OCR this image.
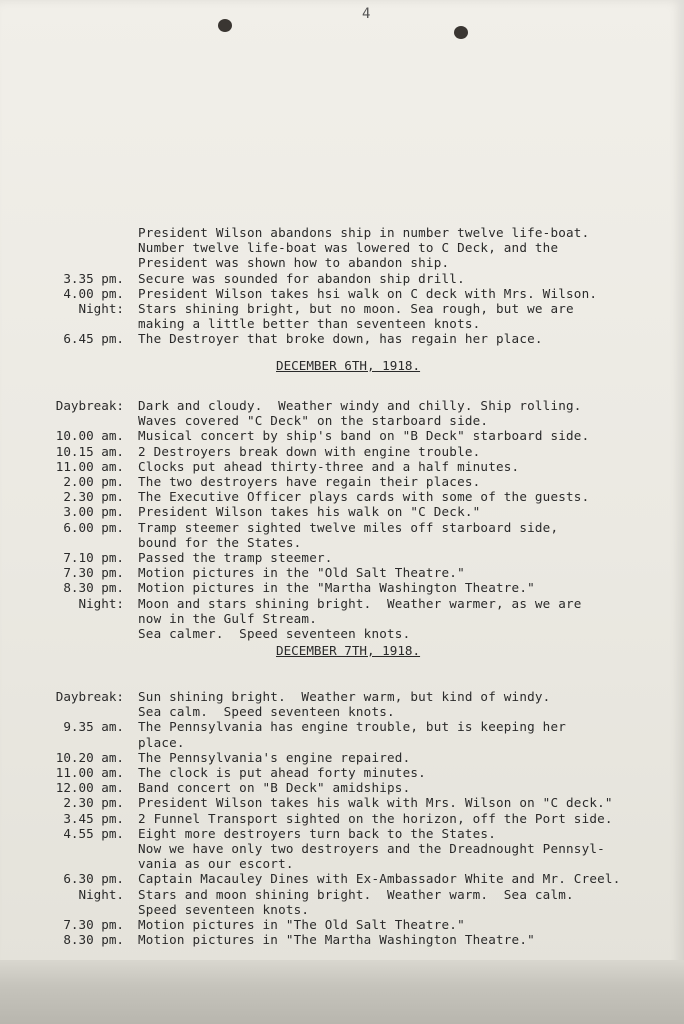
4
President Wilson abandons ship in number twelve life-boat.
Number twelve life-boat was lowered to C Deck, and the
President was shown how to abandon ship.
3.35 pm. Secure was sounded for abandon ship drill.
4.00 pm. President Wilson takes hsi walk on C deck with Mrs. Wilson.
Night: Stars shining bright, but no moon. Sea rough, but we are
making a little better than seventeen knots.
6.45 pm. The Destroyer that broke down, has regain her place.
DECEMBER 6TH, 1918.
Daybreak: Dark and cloudy.  Weather windy and chilly. Ship rolling.
Waves covered "C Deck" on the starboard side.
10.00 am. Musical concert by ship's band on "B Deck" starboard side.
10.15 am. 2 Destroyers break down with engine trouble.
11.00 am. Clocks put ahead thirty-three and a half minutes.
2.00 pm. The two destroyers have regain their places.
2.30 pm. The Executive Officer plays cards with some of the guests.
3.00 pm. President Wilson takes his walk on "C Deck."
6.00 pm. Tramp steemer sighted twelve miles off starboard side,
bound for the States.
7.10 pm. Passed the tramp steemer.
7.30 pm. Motion pictures in the "Old Salt Theatre."
8.30 pm. Motion pictures in the "Martha Washington Theatre."
Night: Moon and stars shining bright.  Weather warmer, as we are
now in the Gulf Stream.
Sea calmer.  Speed seventeen knots.
DECEMBER 7TH, 1918.
Daybreak: Sun shining bright.  Weather warm, but kind of windy.
Sea calm.  Speed seventeen knots.
9.35 am. The Pennsylvania has engine trouble, but is keeping her
place.
10.20 am. The Pennsylvania's engine repaired.
11.00 am. The clock is put ahead forty minutes.
12.00 am. Band concert on "B Deck" amidships.
2.30 pm. President Wilson takes his walk with Mrs. Wilson on "C deck."
3.45 pm. 2 Funnel Transport sighted on the horizon, off the Port side.
4.55 pm. Eight more destroyers turn back to the States.
Now we have only two destroyers and the Dreadnought Pennsyl-
vania as our escort.
6.30 pm. Captain Macauley Dines with Ex-Ambassador White and Mr. Creel.
Night. Stars and moon shining bright.  Weather warm.  Sea calm.
Speed seventeen knots.
7.30 pm. Motion pictures in "The Old Salt Theatre."
8.30 pm. Motion pictures in "The Martha Washington Theatre."
